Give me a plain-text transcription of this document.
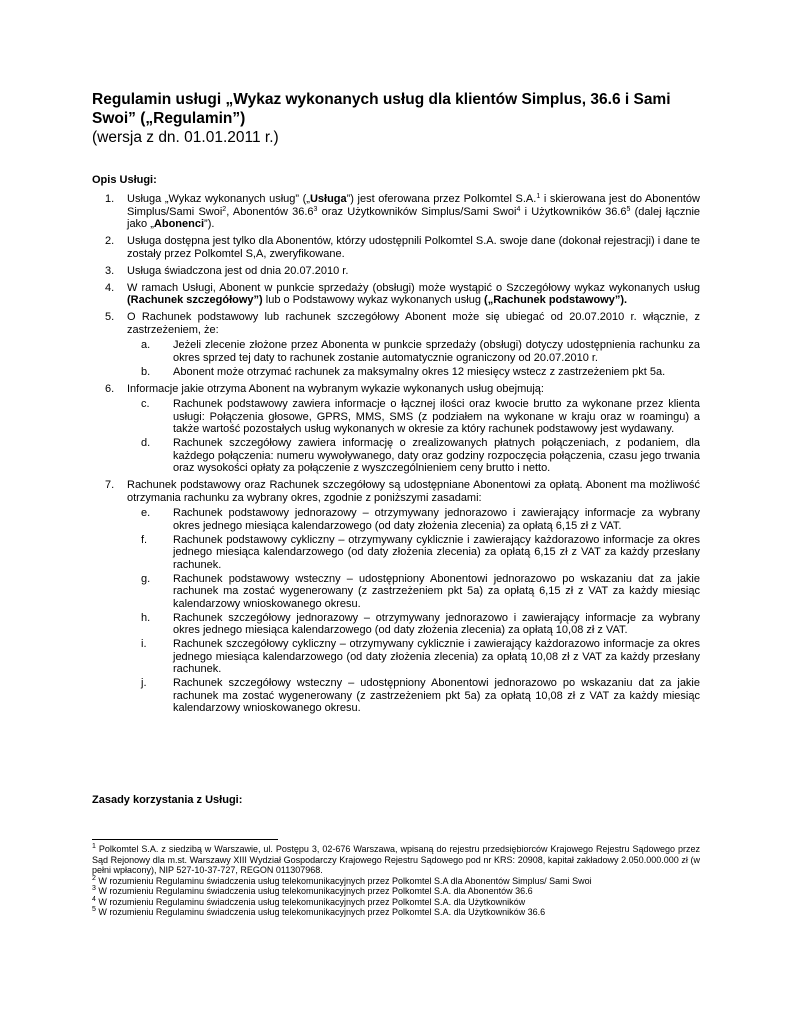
Regulamin usługi „Wykaz wykonanych usług dla klientów Simplus, 36.6 i Sami Swoi” („Regulamin”)

(wersja z dn. 01.01.2011 r.)

Opis Usługi:

1. Usługa „Wykaz wykonanych usług” („Usługa”) jest oferowana przez Polkomtel S.A.$^1$ i skierowana jest do Abonentów Simplus/Sami Swoi$^2$, Abonentów 36.6$^3$ oraz Użytkowników Simplus/Sami Swoi$^4$ i Użytkowników 36.6$^5$ (dalej łącznie jako „Abonenci”).
2. Usługa dostępna jest tylko dla Abonentów, którzy udostępnili Polkomtel S.A. swoje dane (dokonał rejestracji) i dane te zostały przez Polkomtel S,A, zweryfikowane.
3. Usługa świadczona jest od dnia 20.07.2010 r.
4. W ramach Usługi, Abonent w punkcie sprzedaży (obsługi) może wystąpić o Szczegółowy wykaz wykonanych usług (Rachunek szczegółowy”) lub o Podstawowy wykaz wykonanych usług („Rachunek podstawowy”).
5. O Rachunek podstawowy lub rachunek szczegółowy Abonent może się ubiegać od 20.07.2010 r. włącznie, z zastrzeżeniem, że:
a. Jeżeli zlecenie złożone przez Abonenta w punkcie sprzedaży (obsługi) dotyczy udostępnienia rachunku za okres sprzed tej daty to rachunek zostanie automatycznie ograniczony od 20.07.2010 r.
b. Abonent może otrzymać rachunek za maksymalny okres 12 miesięcy wstecz z zastrzeżeniem pkt 5a.
6. Informacje jakie otrzyma Abonent na wybranym wykazie wykonanych usług obejmują:
c. Rachunek podstawowy zawiera informacje o łącznej ilości oraz kwocie brutto za wykonane przez klienta usługi: Połączenia głosowe, GPRS, MMS, SMS (z podziałem na wykonane w kraju oraz w roamingu) a także wartość pozostałych usług wykonanych w okresie za który rachunek podstawowy jest wydawany.
d. Rachunek szczegółowy zawiera informację o zrealizowanych płatnych połączeniach, z podaniem, dla każdego połączenia: numeru wywoływanego, daty oraz godziny rozpoczęcia połączenia, czasu jego trwania oraz wysokości opłaty za połączenie z wyszczególnieniem ceny brutto i netto.
7. Rachunek podstawowy oraz Rachunek szczegółowy są udostępniane Abonentowi za opłatą. Abonent ma możliwość otrzymania rachunku za wybrany okres, zgodnie z poniższymi zasadami:
e. Rachunek podstawowy jednorazowy – otrzymywany jednorazowo i zawierający informacje za wybrany okres jednego miesiąca kalendarzowego (od daty złożenia zlecenia) za opłatą 6,15 zł z VAT.
f. Rachunek podstawowy cykliczny – otrzymywany cyklicznie i zawierający każdorazowo informacje za okres jednego miesiąca kalendarzowego (od daty złożenia zlecenia) za opłatą 6,15 zł z VAT za każdy przesłany rachunek.
g. Rachunek podstawowy wsteczny – udostępniony Abonentowi jednorazowo po wskazaniu dat za jakie rachunek ma zostać wygenerowany (z zastrzeżeniem pkt 5a) za opłatą 6,15 zł z VAT za każdy miesiąc kalendarzowy wnioskowanego okresu.
h. Rachunek szczegółowy jednorazowy – otrzymywany jednorazowo i zawierający informacje za wybrany okres jednego miesiąca kalendarzowego (od daty złożenia zlecenia) za opłatą 10,08 zł z VAT.
i. Rachunek szczegółowy cykliczny – otrzymywany cyklicznie i zawierający każdorazowo informacje za okres jednego miesiąca kalendarzowego (od daty złożenia zlecenia) za opłatą 10,08 zł z VAT za każdy przesłany rachunek.
j. Rachunek szczegółowy wsteczny – udostępniony Abonentowi jednorazowo po wskazaniu dat za jakie rachunek ma zostać wygenerowany (z zastrzeżeniem pkt 5a) za opłatą 10,08 zł z VAT za każdy miesiąc kalendarzowy wnioskowanego okresu.

Zasady korzystania z Usługi:

$^1$ Polkomtel S.A. z siedzibą w Warszawie, ul. Postępu 3, 02-676 Warszawa, wpisaną do rejestru przedsiębiorców Krajowego Rejestru Sądowego przez Sąd Rejonowy dla m.st. Warszawy XIII Wydział Gospodarczy Krajowego Rejestru Sądowego pod nr KRS: 20908, kapitał zakładowy 2.050.000.000 zł (w pełni wpłacony), NIP 527-10-37-727, REGON 011307968.

$^2$ W rozumieniu Regulaminu świadczenia usług telekomunikacyjnych przez Polkomtel S.A dla Abonentów Simplus/ Sami Swoi

$^3$ W rozumieniu Regulaminu świadczenia usług telekomunikacyjnych przez Polkomtel S.A. dla Abonentów 36.6

$^4$ W rozumieniu Regulaminu świadczenia usług telekomunikacyjnych przez Polkomtel S.A. dla Użytkowników

$^5$ W rozumieniu Regulaminu świadczenia usług telekomunikacyjnych przez Polkomtel S.A. dla Użytkowników 36.6
